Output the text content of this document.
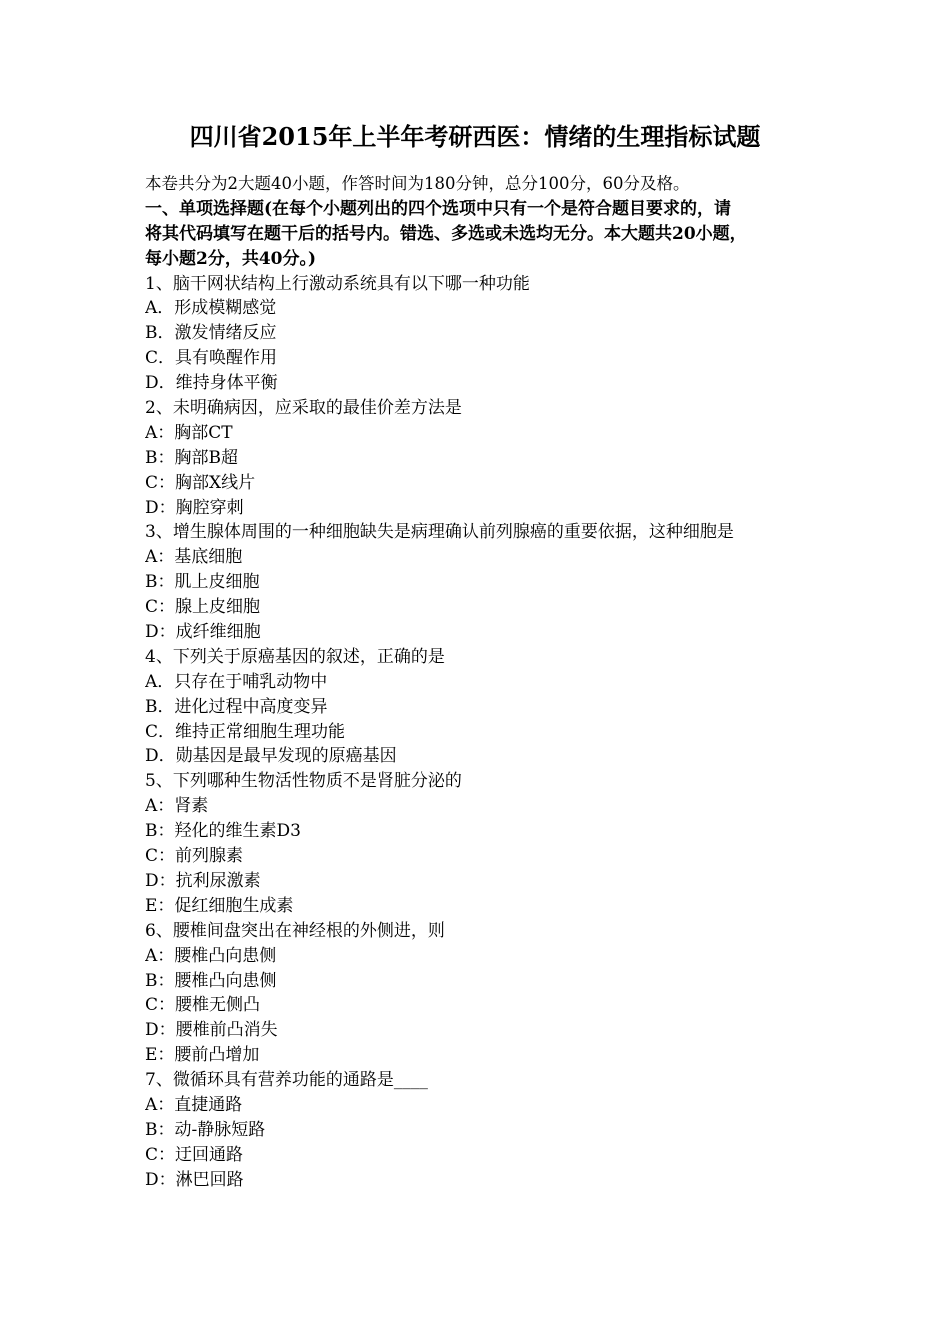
四川省2015年上半年考研西医：情绪的生理指标试题
本卷共分为2大题40小题，作答时间为180分钟，总分100分，60分及格。
一、单项选择题(在每个小题列出的四个选项中只有一个是符合题目要求的，请
将其代码填写在题干后的括号内。错选、多选或未选均无分。本大题共20小题，
每小题2分，共40分。)
1、脑干网状结构上行激动系统具有以下哪一种功能
A．形成模糊感觉
B．激发情绪反应
C．具有唤醒作用
D．维持身体平衡
2、未明确病因，应采取的最佳价差方法是
A：胸部CT
B：胸部B超
C：胸部X线片
D：胸腔穿刺
3、增生腺体周围的一种细胞缺失是病理确认前列腺癌的重要依据，这种细胞是
A：基底细胞
B：肌上皮细胞
C：腺上皮细胞
D：成纤维细胞
4、下列关于原癌基因的叙述，正确的是
A．只存在于哺乳动物中
B．进化过程中高度变异
C．维持正常细胞生理功能
D．勋基因是最早发现的原癌基因
5、下列哪种生物活性物质不是肾脏分泌的
A：肾素
B：羟化的维生素D3
C：前列腺素
D：抗利尿激素
E：促红细胞生成素
6、腰椎间盘突出在神经根的外侧进，则
A：腰椎凸向患侧
B：腰椎凸向患侧
C：腰椎无侧凸
D：腰椎前凸消失
E：腰前凸增加
7、微循环具有营养功能的通路是____
A：直捷通路
B：动-静脉短路
C：迂回通路
D：淋巴回路
